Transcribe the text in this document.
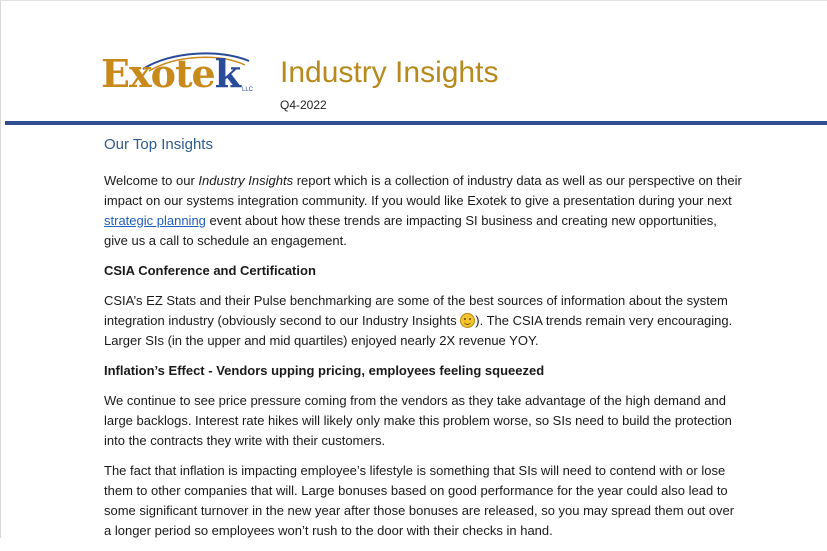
Exotek LLC
Industry Insights
Q4-2022
Our Top Insights

Welcome to our Industry Insights report which is a collection of industry data as well as our perspective on their impact on our systems integration community. If you would like Exotek to give a presentation during your next strategic planning event about how these trends are impacting SI business and creating new opportunities, give us a call to schedule an engagement.

CSIA Conference and Certification

CSIA’s EZ Stats and their Pulse benchmarking are some of the best sources of information about the system integration industry (obviously second to our Industry Insights ). The CSIA trends remain very encouraging. Larger SIs (in the upper and mid quartiles) enjoyed nearly 2X revenue YOY.

Inflation’s Effect - Vendors upping pricing, employees feeling squeezed

We continue to see price pressure coming from the vendors as they take advantage of the high demand and large backlogs. Interest rate hikes will likely only make this problem worse, so SIs need to build the protection into the contracts they write with their customers.

The fact that inflation is impacting employee’s lifestyle is something that SIs will need to contend with or lose them to other companies that will. Large bonuses based on good performance for the year could also lead to some significant turnover in the new year after those bonuses are released, so you may spread them out over a longer period so employees won’t rush to the door with their checks in hand.
